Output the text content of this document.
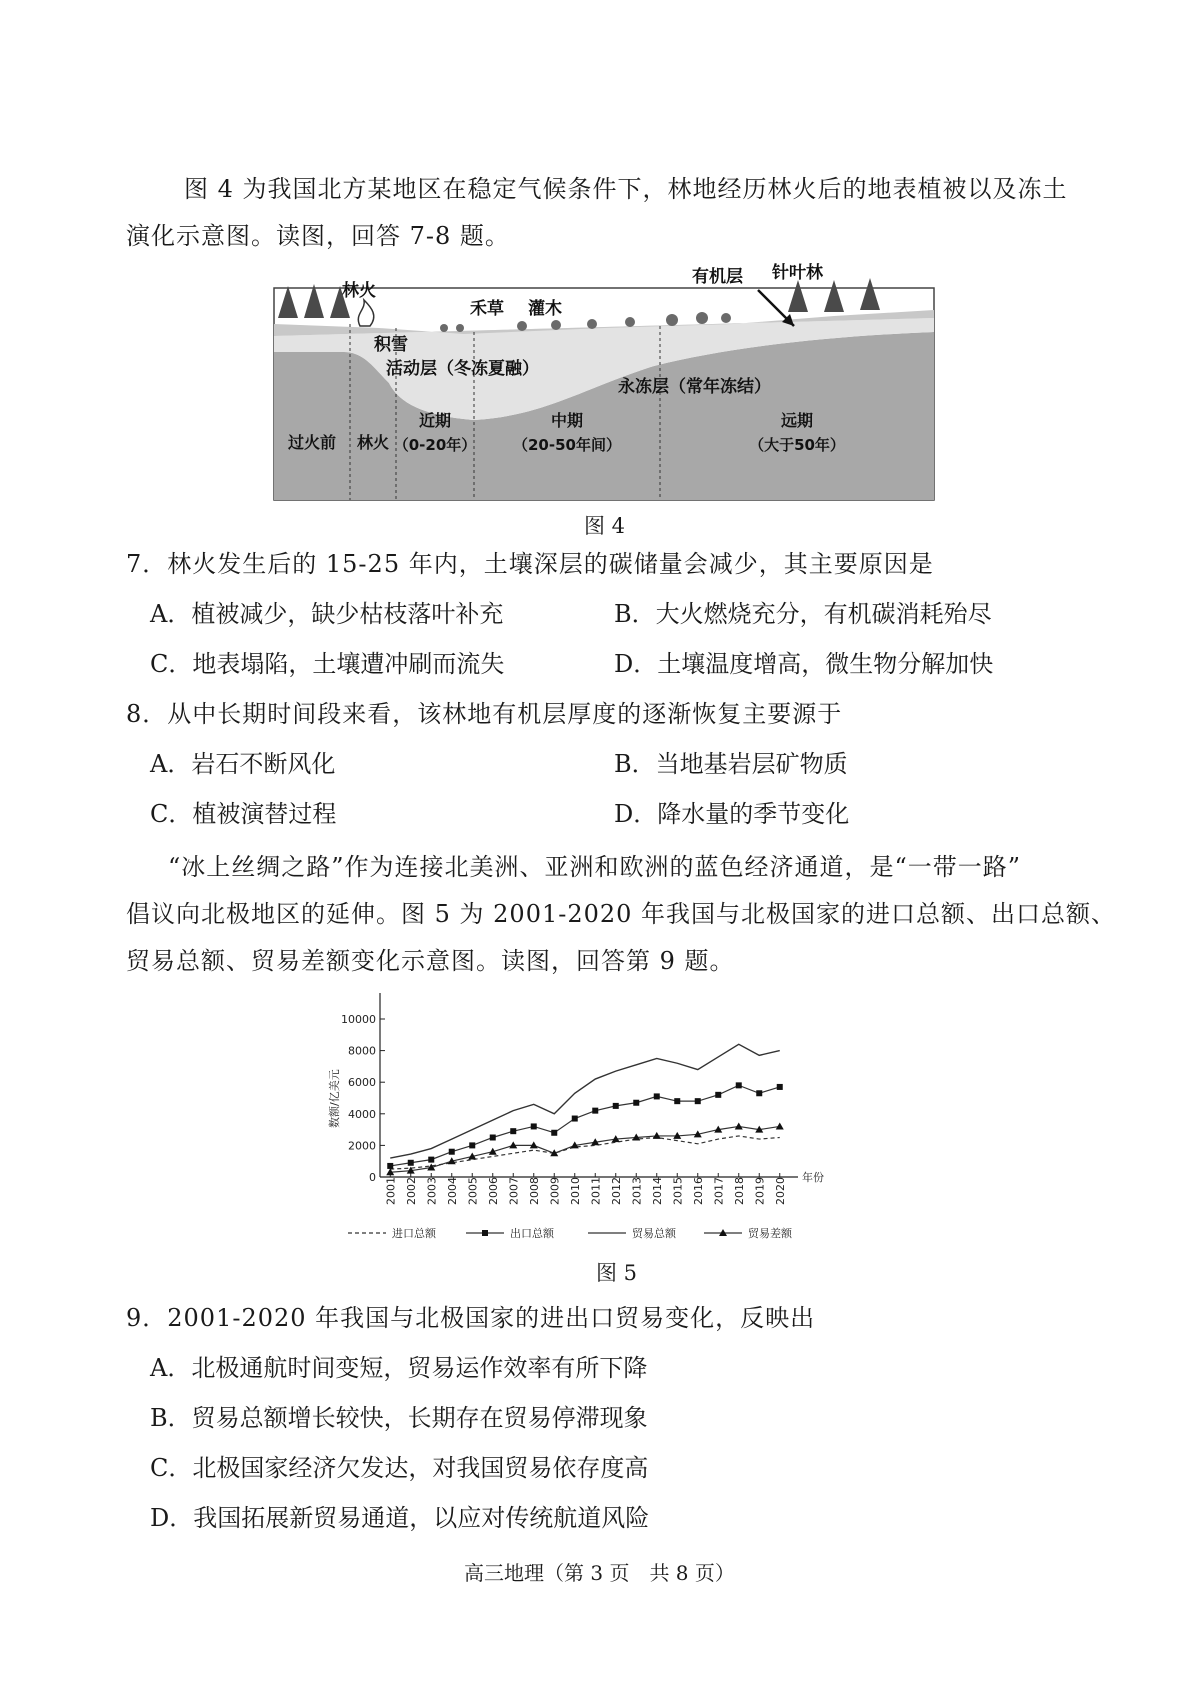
图 4 为我国北方某地区在稳定气候条件下，林地经历林火后的地表植被以及冻土
演化示意图。读图，回答 7-8 题。
林火
积雪
禾草 灌木
有机层 针叶林
活动层（冬冻夏融）
永冻层（常年冻结）
过火前 林火
近期
（0-20年）
中期
（20-50年间）
远期
（大于50年）
图 4
7．林火发生后的 15-25 年内，土壤深层的碳储量会减少，其主要原因是
A．植被减少，缺少枯枝落叶补充	B．大火燃烧充分，有机碳消耗殆尽
C．地表塌陷，土壤遭冲刷而流失	D．土壤温度增高，微生物分解加快
8．从中长期时间段来看，该林地有机层厚度的逐渐恢复主要源于
A．岩石不断风化	B．当地基岩层矿物质
C．植被演替过程	D．降水量的季节变化
“冰上丝绸之路”作为连接北美洲、亚洲和欧洲的蓝色经济通道，是“一带一路”
倡议向北极地区的延伸。图 5 为 2001-2020 年我国与北极国家的进口总额、出口总额、
贸易总额、贸易差额变化示意图。读图，回答第 9 题。
0
2000
4000
6000
8000
10000
数额/亿美元
2001 2002 2003 2004 2005 2006 2007 2008 2009 2010 2011 2012 2013 2014 2015 2016 2017 2018 2019 2020 年份
进口总额	出口总额	贸易总额	贸易差额
图 5
9．2001-2020 年我国与北极国家的进出口贸易变化，反映出
A．北极通航时间变短，贸易运作效率有所下降
B．贸易总额增长较快，长期存在贸易停滞现象
C．北极国家经济欠发达，对我国贸易依存度高
D．我国拓展新贸易通道，以应对传统航道风险
高三地理（第 3 页　共 8 页）
